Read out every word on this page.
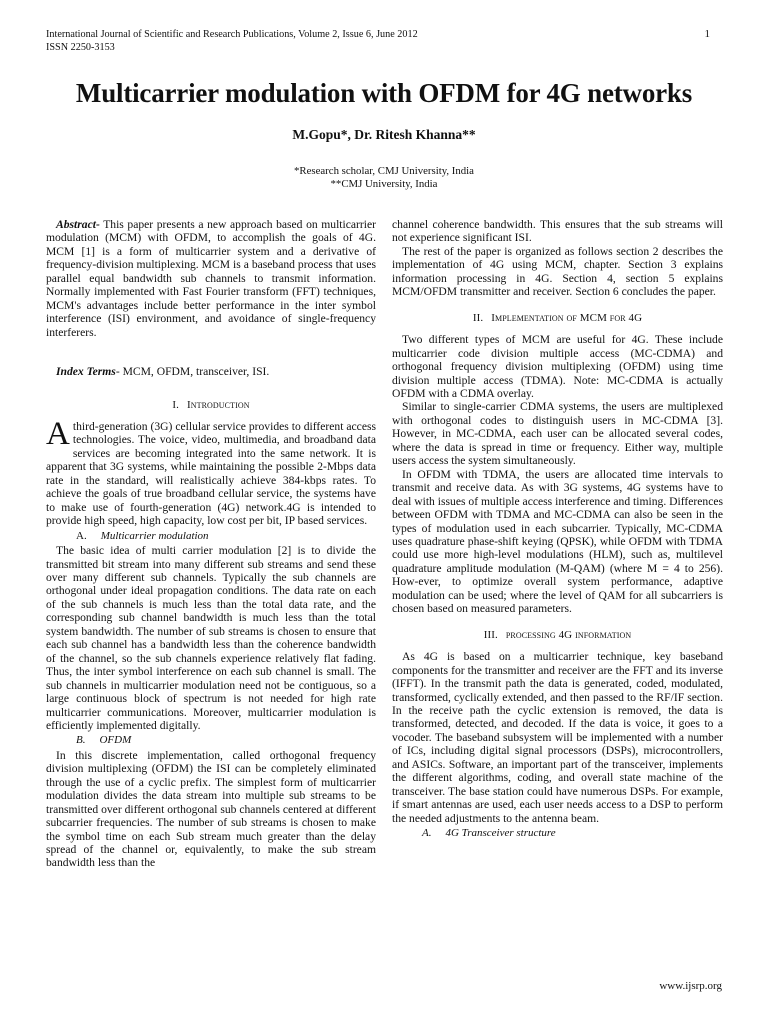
International Journal of Scientific and Research Publications, Volume 2, Issue 6, June 2012
ISSN 2250-3153
1
Multicarrier modulation with OFDM for 4G networks
M.Gopu*, Dr. Ritesh Khanna**
*Research scholar, CMJ University, India
**CMJ University, India

Abstract- This paper presents a new approach based on multicarrier modulation (MCM) with OFDM, to accomplish the goals of 4G. MCM [1] is a form of multicarrier system and a derivative of frequency-division multiplexing. MCM is a baseband process that uses parallel equal bandwidth sub channels to transmit information. Normally implemented with Fast Fourier transform (FFT) techniques, MCM's advantages include better performance in the inter symbol interference (ISI) environment, and avoidance of single-frequency interferers.

Index Terms- MCM, OFDM, transceiver, ISI.

I. Introduction

Athird-generation (3G) cellular service provides to different access technologies. The voice, video, multimedia, and broadband data services are becoming integrated into the same network. It is apparent that 3G systems, while maintaining the possible 2-Mbps data rate in the standard, will realistically achieve 384-kbps rates. To achieve the goals of true broadband cellular service, the systems have to make use of fourth-generation (4G) network.4G is intended to provide high speed, high capacity, low cost per bit, IP based services.

A. Multicarrier modulation

The basic idea of multi carrier modulation [2] is to divide the transmitted bit stream into many different sub streams and send these over many different sub channels. Typically the sub channels are orthogonal under ideal propagation conditions. The data rate on each of the sub channels is much less than the total data rate, and the corresponding sub channel bandwidth is much less than the total system bandwidth. The number of sub streams is chosen to ensure that each sub channel has a bandwidth less than the coherence bandwidth of the channel, so the sub channels experience relatively flat fading. Thus, the inter symbol interference on each sub channel is small. The sub channels in multicarrier modulation need not be contiguous, so a large continuous block of spectrum is not needed for high rate multicarrier communications. Moreover, multicarrier modulation is efficiently implemented digitally.

B. OFDM

In this discrete implementation, called orthogonal frequency division multiplexing (OFDM) the ISI can be completely eliminated through the use of a cyclic prefix. The simplest form of multicarrier modulation divides the data stream into multiple sub streams to be transmitted over different orthogonal sub channels centered at different subcarrier frequencies. The number of sub streams is chosen to make the symbol time on each Sub stream much greater than the delay spread of the channel or, equivalently, to make the sub stream bandwidth less than the

channel coherence bandwidth. This ensures that the sub streams will not experience significant ISI.

The rest of the paper is organized as follows section 2 describes the implementation of 4G using MCM, chapter. Section 3 explains information processing in 4G. Section 4, section 5 explains MCM/OFDM transmitter and receiver. Section 6 concludes the paper.

II. Implementation of MCM for 4G

Two different types of MCM are useful for 4G. These include multicarrier code division multiple access (MC-CDMA) and orthogonal frequency division multiplexing (OFDM) using time division multiple access (TDMA). Note: MC-CDMA is actually OFDM with a CDMA overlay.

Similar to single-carrier CDMA systems, the users are multiplexed with orthogonal codes to distinguish users in MC-CDMA [3]. However, in MC-CDMA, each user can be allocated several codes, where the data is spread in time or frequency. Either way, multiple users access the system simultaneously.

In OFDM with TDMA, the users are allocated time intervals to transmit and receive data. As with 3G systems, 4G systems have to deal with issues of multiple access interference and timing. Differences between OFDM with TDMA and MC-CDMA can also be seen in the types of modulation used in each subcarrier. Typically, MC-CDMA uses quadrature phase-shift keying (QPSK), while OFDM with TDMA could use more high-level modulations (HLM), such as, multilevel quadrature amplitude modulation (M-QAM) (where M = 4 to 256). How-ever, to optimize overall system performance, adaptive modulation can be used; where the level of QAM for all subcarriers is chosen based on measured parameters.

III. processing 4G information

As 4G is based on a multicarrier technique, key baseband components for the transmitter and receiver are the FFT and its inverse (IFFT). In the transmit path the data is generated, coded, modulated, transformed, cyclically extended, and then passed to the RF/IF section. In the receive path the cyclic extension is removed, the data is transformed, detected, and decoded. If the data is voice, it goes to a vocoder. The baseband subsystem will be implemented with a number of ICs, including digital signal processors (DSPs), microcontrollers, and ASICs. Software, an important part of the transceiver, implements the different algorithms, coding, and overall state machine of the transceiver. The base station could have numerous DSPs. For example, if smart antennas are used, each user needs access to a DSP to perform the needed adjustments to the antenna beam.

A. 4G Transceiver structure
www.ijsrp.org
